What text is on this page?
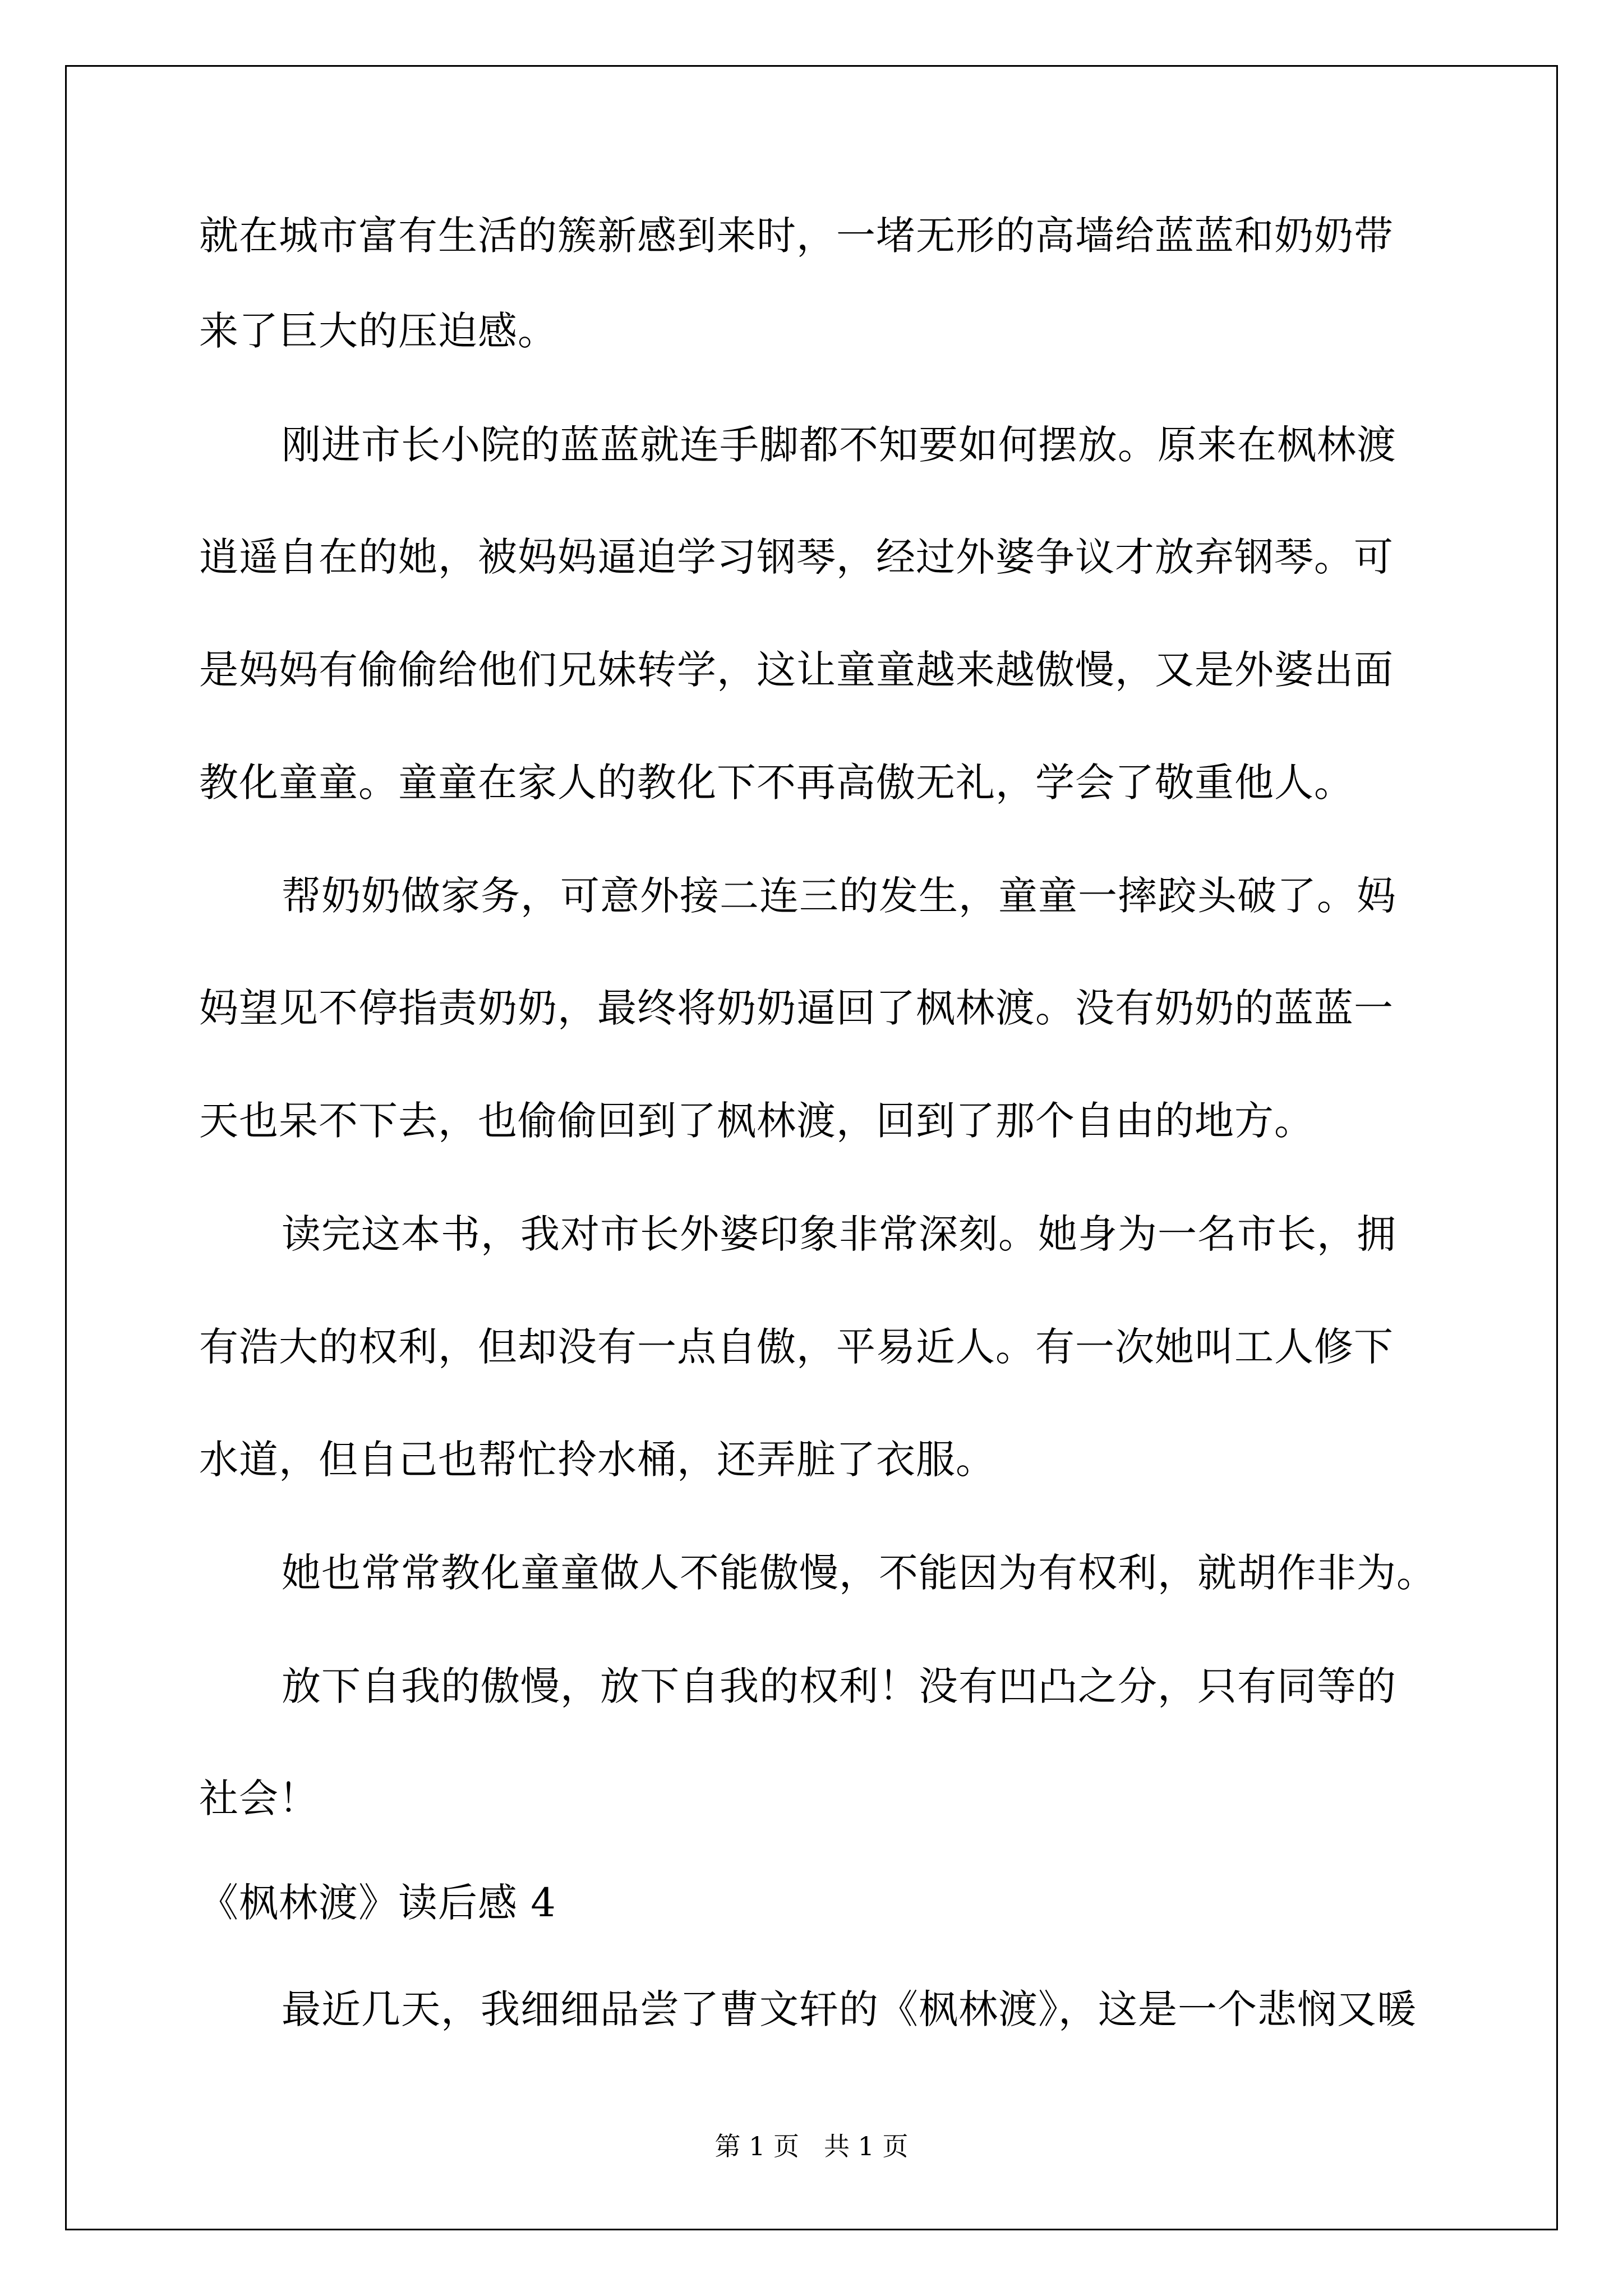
就在城市富有生活的簇新感到来时，一堵无形的高墙给蓝蓝和奶奶带
来了巨大的压迫感。
刚进市长小院的蓝蓝就连手脚都不知要如何摆放。原来在枫林渡
逍遥自在的她，被妈妈逼迫学习钢琴，经过外婆争议才放弃钢琴。可
是妈妈有偷偷给他们兄妹转学，这让童童越来越傲慢，又是外婆出面
教化童童。童童在家人的教化下不再高傲无礼，学会了敬重他人。
帮奶奶做家务，可意外接二连三的发生，童童一摔跤头破了。妈
妈望见不停指责奶奶，最终将奶奶逼回了枫林渡。没有奶奶的蓝蓝一
天也呆不下去，也偷偷回到了枫林渡，回到了那个自由的地方。
读完这本书，我对市长外婆印象非常深刻。她身为一名市长，拥
有浩大的权利，但却没有一点自傲，平易近人。有一次她叫工人修下
水道，但自己也帮忙拎水桶，还弄脏了衣服。
她也常常教化童童做人不能傲慢，不能因为有权利，就胡作非为。
放下自我的傲慢，放下自我的权利！没有凹凸之分，只有同等的
社会！
《枫林渡》读后感 4
最近几天，我细细品尝了曹文轩的《枫林渡》，这是一个悲悯又暖
第 1 页 共 1 页
